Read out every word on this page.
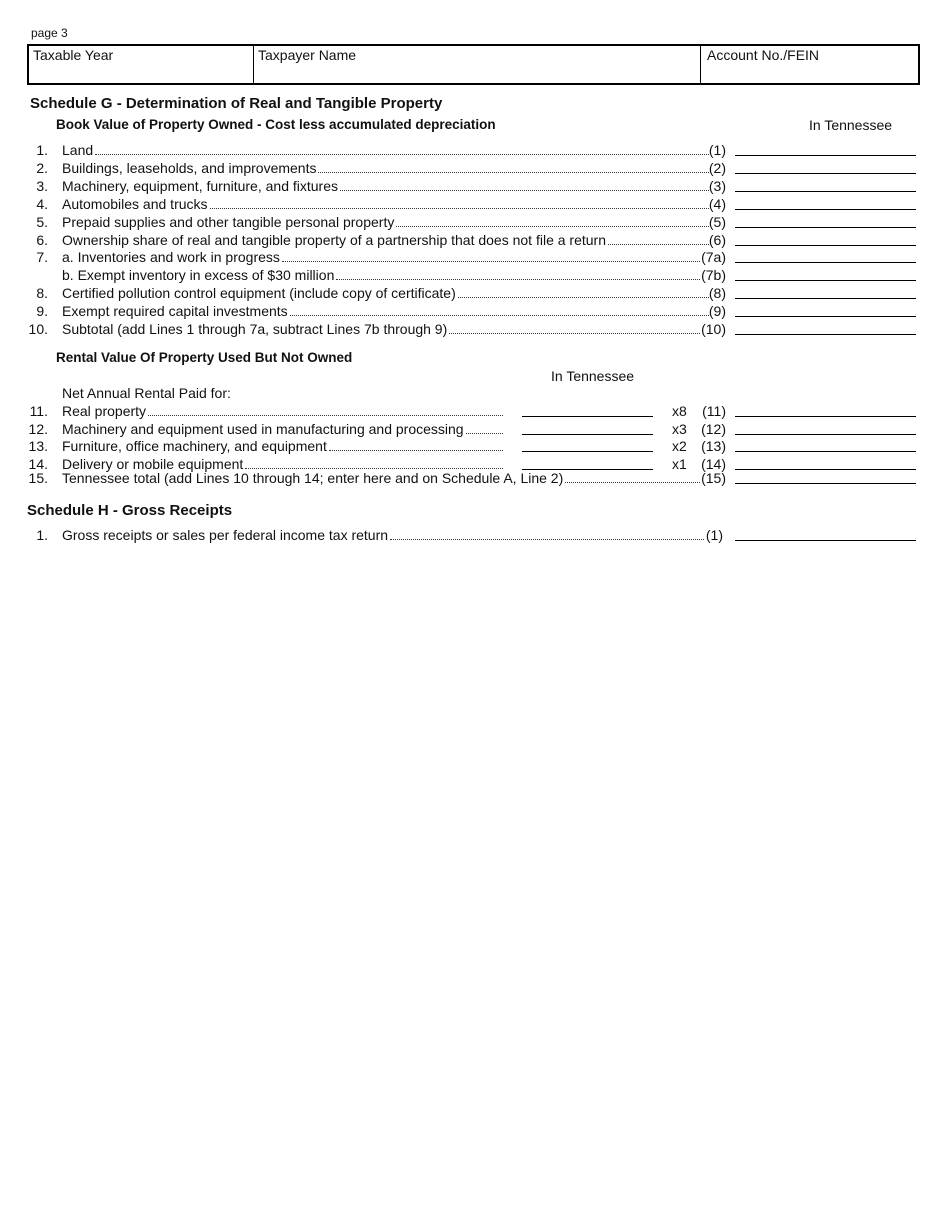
page 3
Taxable Year	Taxpayer Name	Account No./FEIN
Schedule G - Determination of Real and Tangible Property
Book Value of Property Owned - Cost less accumulated depreciation	In Tennessee
1. Land	(1)
2. Buildings, leaseholds, and improvements	(2)
3. Machinery, equipment, furniture, and fixtures	(3)
4. Automobiles and trucks	(4)
5. Prepaid supplies and other tangible personal property	(5)
6. Ownership share of real and tangible property of a partnership that does not file a return	(6)
7. a. Inventories and work in progress	(7a)
b. Exempt inventory in excess of $30 million	(7b)
8. Certified pollution control equipment (include copy of certificate)	(8)
9. Exempt required capital investments	(9)
10. Subtotal (add Lines 1 through 7a, subtract Lines 7b through 9)	(10)
Rental Value Of Property Used But Not Owned
In Tennessee
Net Annual Rental Paid for:
11. Real property	x8	(11)
12. Machinery and equipment used in manufacturing and processing	x3	(12)
13. Furniture, office machinery, and equipment	x2	(13)
14. Delivery or mobile equipment	x1	(14)
15. Tennessee total (add Lines 10 through 14; enter here and on Schedule A, Line 2)	(15)
Schedule H - Gross Receipts
1. Gross receipts or sales per federal income tax return	(1)
